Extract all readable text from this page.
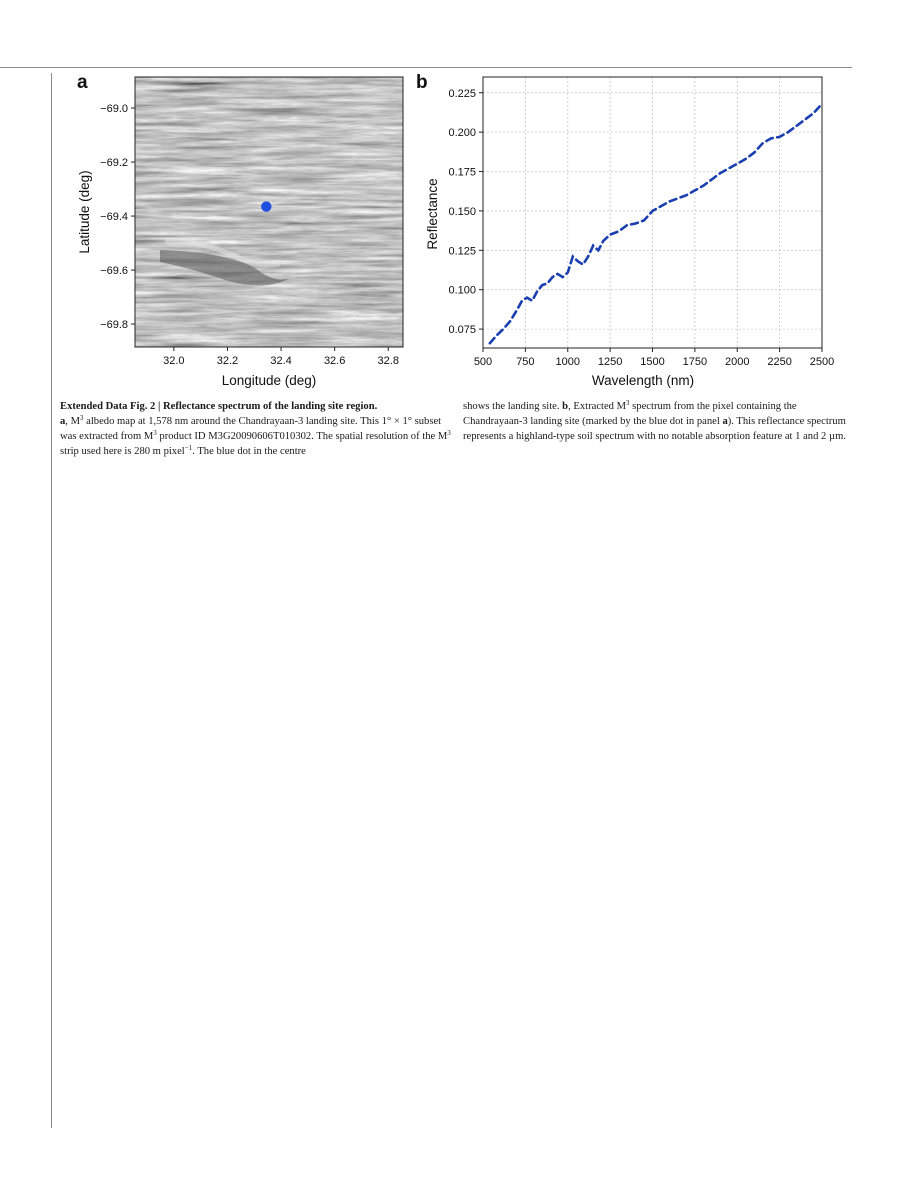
a
32.0	32.2	32.4	32.6	32.8
−69.0
−69.2
−69.4
−69.6
−69.8
Longitude (deg)
Latitude (deg)
b
500 750 1000 1250 1500 1750 2000 2250 2500
0.075
0.100
0.125
0.150
0.175
0.200
0.225
Wavelength (nm)
Reflectance
Extended Data Fig. 2 | Reflectance spectrum of the landing site region.
a, $M^3$ albedo map at 1,578 nm around the Chandrayaan-3 landing site. This 1° × 1° subset was extracted from $M^3$ product ID M3G20090606T010302. The spatial resolution of the $M^3$ strip used here is 280 m pixel$^{-1}$. The blue dot in the centre
shows the landing site. b, Extracted $M^3$ spectrum from the pixel containing the Chandrayaan-3 landing site (marked by the blue dot in panel a). This reflectance spectrum represents a highland-type soil spectrum with no notable absorption feature at 1 and 2 µm.
